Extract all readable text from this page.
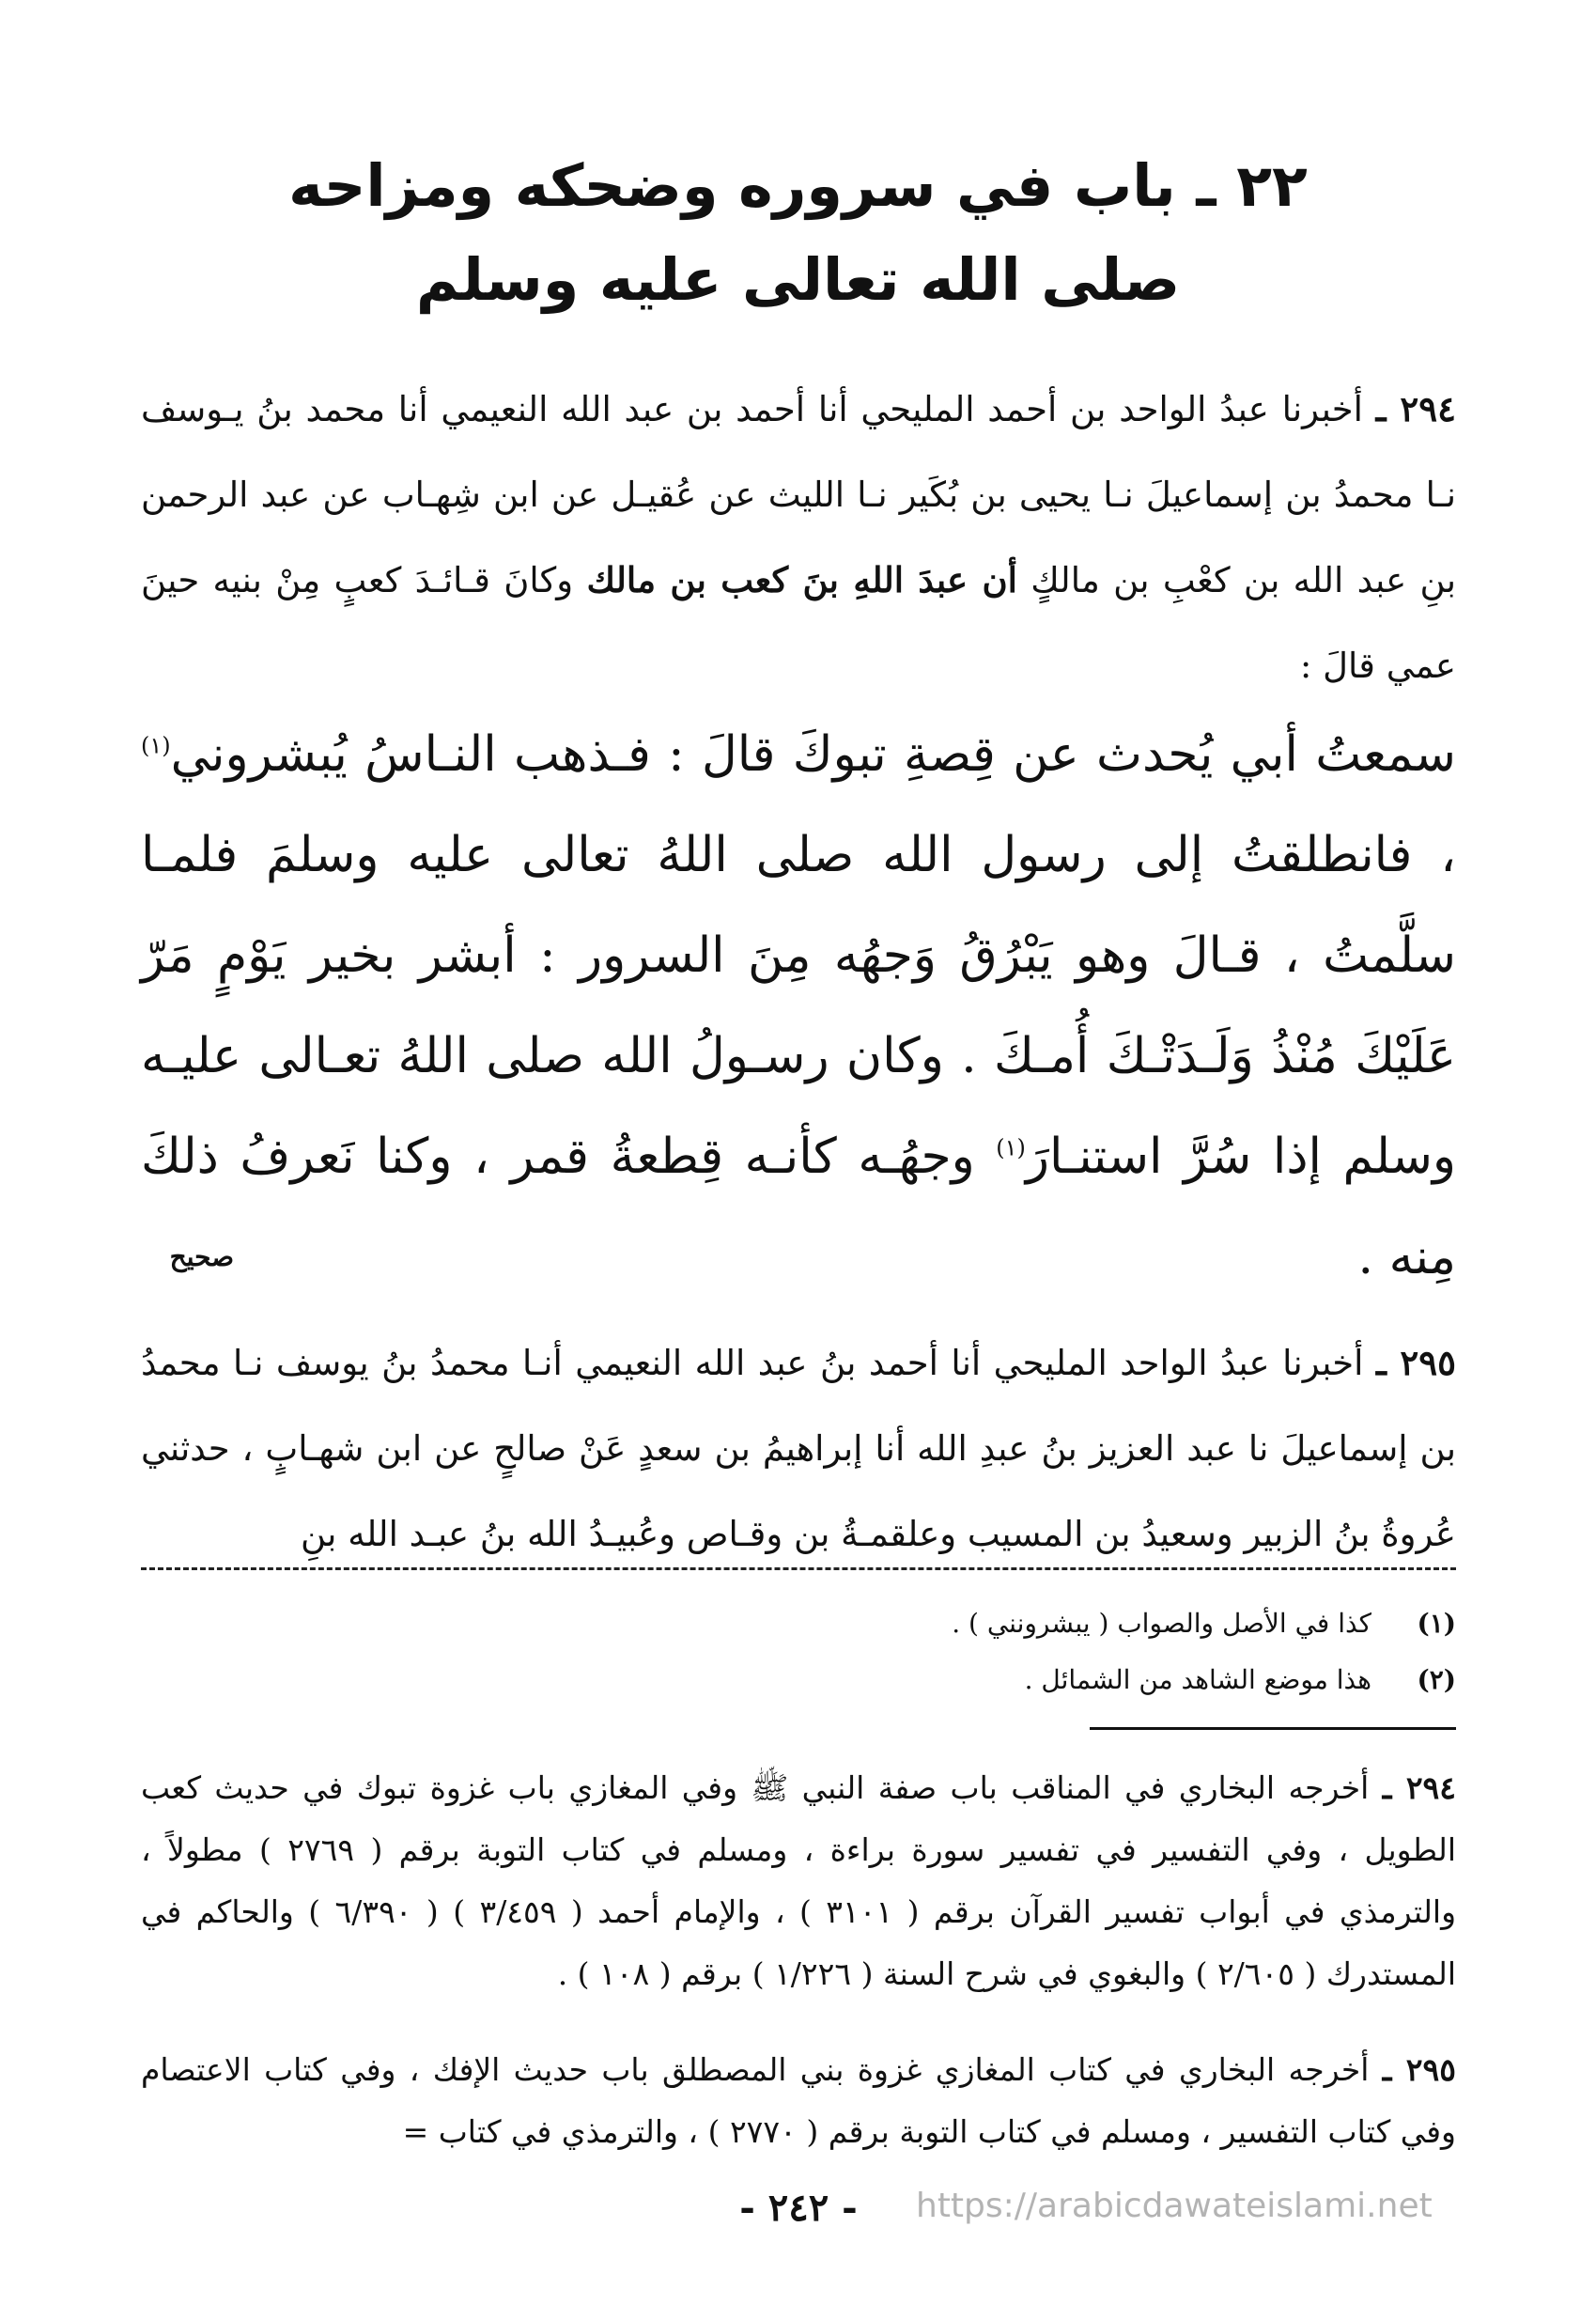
٢٢ ـ باب في سروره وضحكه ومزاحه
صلى الله تعالى عليه وسلم
٢٩٤ ـ أخبرنا عبدُ الواحد بن أحمد المليحي أنا أحمد بن عبد الله النعيمي أنا محمد بنُ يـوسف نـا محمدُ بن إسماعيلَ نـا يحيى بن بُكَير نـا الليث عن عُقيـل عن ابن شِهـاب عن عبد الرحمن بنِ عبد الله بن كعْبِ بن مالكٍ أن عبدَ اللهِ بنَ كعب بن مالك وكانَ قـائـدَ كعبٍ مِنْ بنيه حينَ عمي قالَ :
سمعتُ أبي يُحدث عن قِصةِ تبوكَ قالَ : فـذهب النـاسُ يُبشروني$^{(١)}$ ، فانطلقتُ إلى رسول الله صلى اللهُ تعالى عليه وسلمَ فلمـا سلَّمتُ ، قـالَ وهو يَبْرُقُ وَجهُه مِنَ السرور : أبشر بخير يَوْمٍ مَرّ عَلَيْكَ مُنْذُ وَلَـدَتْـكَ أُمـكَ . وكان رسـولُ الله صلى اللهُ تعـالى عليـه وسلم إذا سُرَّ استنـارَ$^{(١)}$ وجهُـه كأنـه قِطعةُ قمر ، وكنا نَعرفُ ذلكَ مِنه .
صحيح
٢٩٥ ـ أخبرنا عبدُ الواحد المليحي أنا أحمد بنُ عبد الله النعيمي أنـا محمدُ بنُ يوسف نـا محمدُ بن إسماعيلَ نا عبد العزيز بنُ عبدِ الله أنا إبراهيمُ بن سعدٍ عَنْ صالحٍ عن ابن شهـابٍ ، حدثني عُروةُ بنُ الزبير وسعيدُ بن المسيب وعلقمـةُ بن وقـاص وعُبيـدُ الله بنُ عبـد الله بنِ
(١)كذا في الأصل والصواب ( يبشرونني ) .
(٢)هذا موضع الشاهد من الشمائل .
٢٩٤ ـ أخرجه البخاري في المناقب باب صفة النبي ﷺ وفي المغازي باب غزوة تبوك في حديث كعب الطويل ، وفي التفسير في تفسير سورة براءة ، ومسلم في كتاب التوبة برقم ( ٢٧٦٩ ) مطولاً ، والترمذي في أبواب تفسير القرآن برقم ( ٣١٠١ ) ، والإمام أحمد ( ٣/٤٥٩ ) ( ٦/٣٩٠ ) والحاكم في المستدرك ( ٢/٦٠٥ ) والبغوي في شرح السنة ( ١/٢٢٦ ) برقم ( ١٠٨ ) .
٢٩٥ ـ أخرجه البخاري في كتاب المغازي غزوة بني المصطلق باب حديث الإفك ، وفي كتاب الاعتصام وفي كتاب التفسير ، ومسلم في كتاب التوبة برقم ( ٢٧٧٠ ) ، والترمذي في كتاب =
- ٢٤٢ -	https://arabicdawateislami.net
